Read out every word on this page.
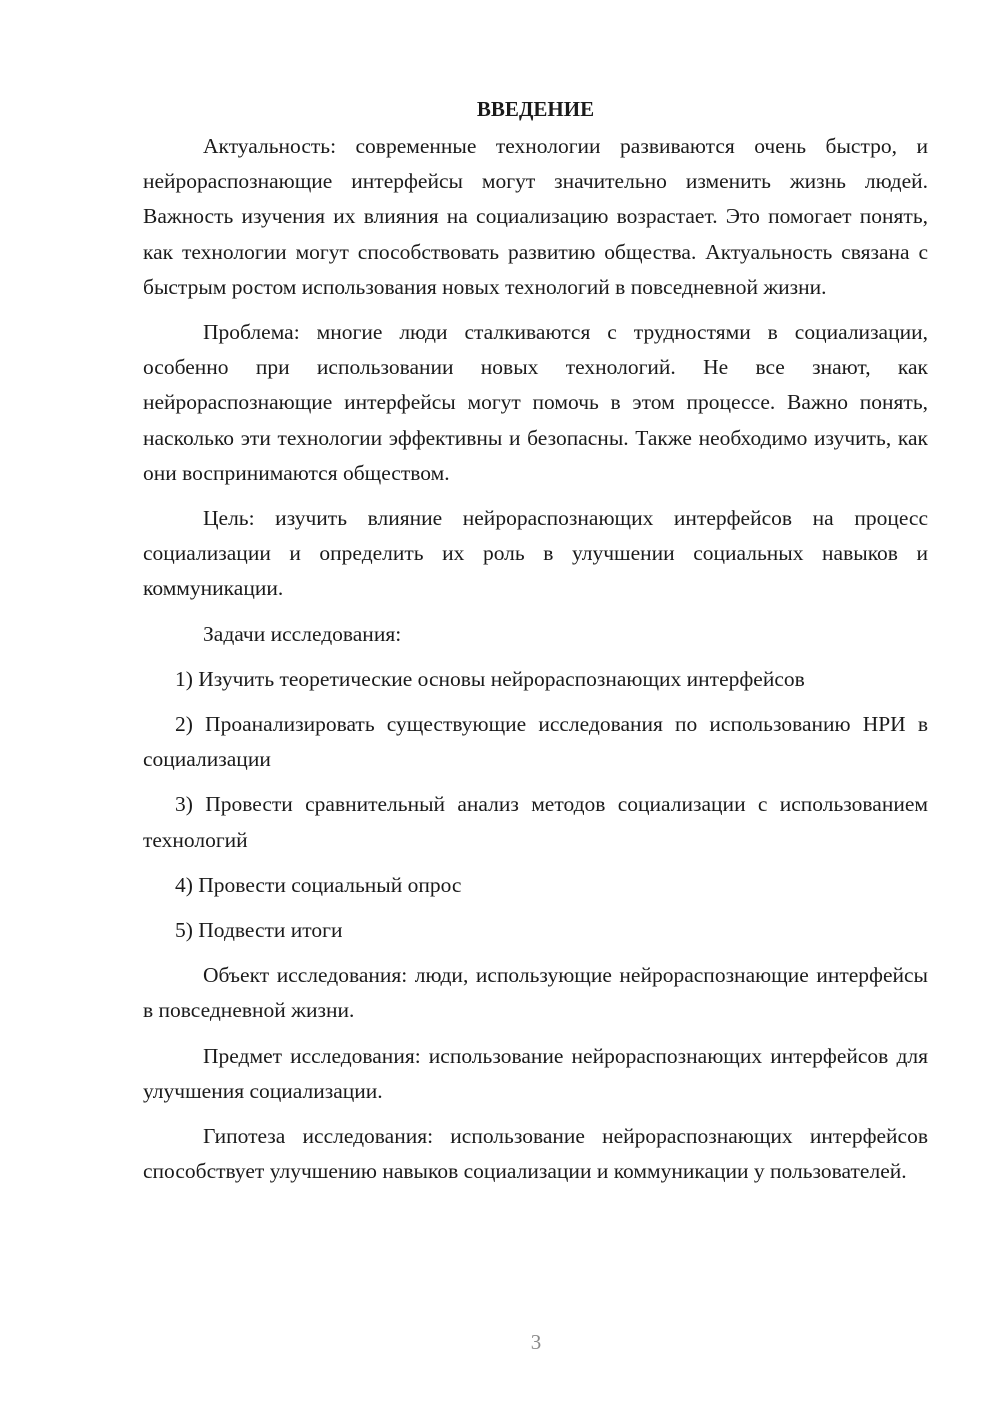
ВВЕДЕНИЕ

Актуальность: современные технологии развиваются очень быстро, и нейрораспознающие интерфейсы могут значительно изменить жизнь людей. Важность изучения их влияния на социализацию возрастает. Это помогает понять, как технологии могут способствовать развитию общества. Актуальность связана с быстрым ростом использования новых технологий в повседневной жизни.

Проблема: многие люди сталкиваются с трудностями в социализации, особенно при использовании новых технологий. Не все знают, как нейрораспознающие интерфейсы могут помочь в этом процессе. Важно понять, насколько эти технологии эффективны и безопасны. Также необходимо изучить, как они воспринимаются обществом.

Цель: изучить влияние нейрораспознающих интерфейсов на процесс социализации и определить их роль в улучшении социальных навыков и коммуникации.

Задачи исследования:

1) Изучить теоретические основы нейрораспознающих интерфейсов

2) Проанализировать существующие исследования по использованию НРИ в социализации

3) Провести сравнительный анализ методов социализации с использованием технологий

4) Провести социальный опрос

5) Подвести итоги

Объект исследования: люди, использующие нейрораспознающие интерфейсы в повседневной жизни.

Предмет исследования: использование нейрораспознающих интерфейсов для улучшения социализации.

Гипотеза исследования: использование нейрораспознающих интерфейсов способствует улучшению навыков социализации и коммуникации у пользователей.

3
